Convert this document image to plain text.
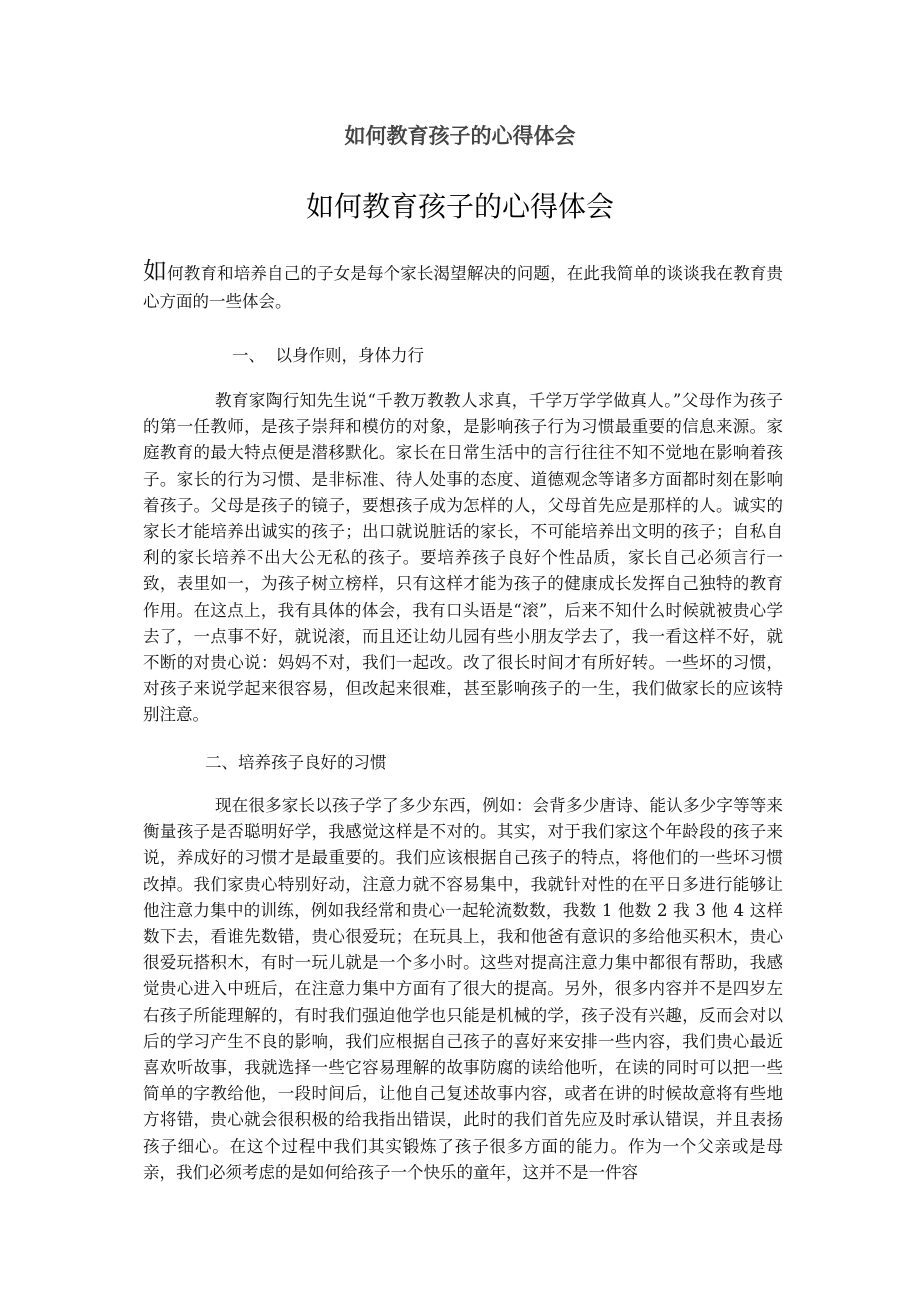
如何教育孩子的心得体会
如何教育孩子的心得体会

如何教育和培养自己的子女是每个家长渴望解决的问题，在此我简单的谈谈我在教育贵心方面的一些体会。

一、  以身作则，身体力行

教育家陶行知先生说“千教万教教人求真，千学万学学做真人。”父母作为孩子的第一任教师，是孩子崇拜和模仿的对象，是影响孩子行为习惯最重要的信息来源。家庭教育的最大特点便是潜移默化。家长在日常生活中的言行往往不知不觉地在影响着孩子。家长的行为习惯、是非标准、待人处事的态度、道德观念等诸多方面都时刻在影响着孩子。父母是孩子的镜子，要想孩子成为怎样的人，父母首先应是那样的人。诚实的家长才能培养出诚实的孩子；出口就说脏话的家长，不可能培养出文明的孩子；自私自利的家长培养不出大公无私的孩子。要培养孩子良好个性品质，家长自己必须言行一致，表里如一，为孩子树立榜样，只有这样才能为孩子的健康成长发挥自己独特的教育作用。在这点上，我有具体的体会，我有口头语是“滚”，后来不知什么时候就被贵心学去了，一点事不好，就说滚，而且还让幼儿园有些小朋友学去了，我一看这样不好，就不断的对贵心说：妈妈不对，我们一起改。改了很长时间才有所好转。一些坏的习惯，对孩子来说学起来很容易，但改起来很难，甚至影响孩子的一生，我们做家长的应该特别注意。

二、培养孩子良好的习惯

现在很多家长以孩子学了多少东西，例如：会背多少唐诗、能认多少字等等来衡量孩子是否聪明好学，我感觉这样是不对的。其实，对于我们家这个年龄段的孩子来说，养成好的习惯才是最重要的。我们应该根据自己孩子的特点，将他们的一些坏习惯改掉。我们家贵心特别好动，注意力就不容易集中，我就针对性的在平日多进行能够让他注意力集中的训练，例如我经常和贵心一起轮流数数，我数 1 他数 2 我 3 他 4 这样数下去，看谁先数错，贵心很爱玩；在玩具上，我和他爸有意识的多给他买积木，贵心很爱玩搭积木，有时一玩儿就是一个多小时。这些对提高注意力集中都很有帮助，我感觉贵心进入中班后，在注意力集中方面有了很大的提高。另外，很多内容并不是四岁左右孩子所能理解的，有时我们强迫他学也只能是机械的学，孩子没有兴趣，反而会对以后的学习产生不良的影响，我们应根据自己孩子的喜好来安排一些内容，我们贵心最近喜欢听故事，我就选择一些它容易理解的故事防腐的读给他听，在读的同时可以把一些简单的字教给他，一段时间后，让他自己复述故事内容，或者在讲的时候故意将有些地方将错，贵心就会很积极的给我指出错误，此时的我们首先应及时承认错误，并且表扬孩子细心。在这个过程中我们其实锻炼了孩子很多方面的能力。作为一个父亲或是母亲，我们必须考虑的是如何给孩子一个快乐的童年，这并不是一件容
